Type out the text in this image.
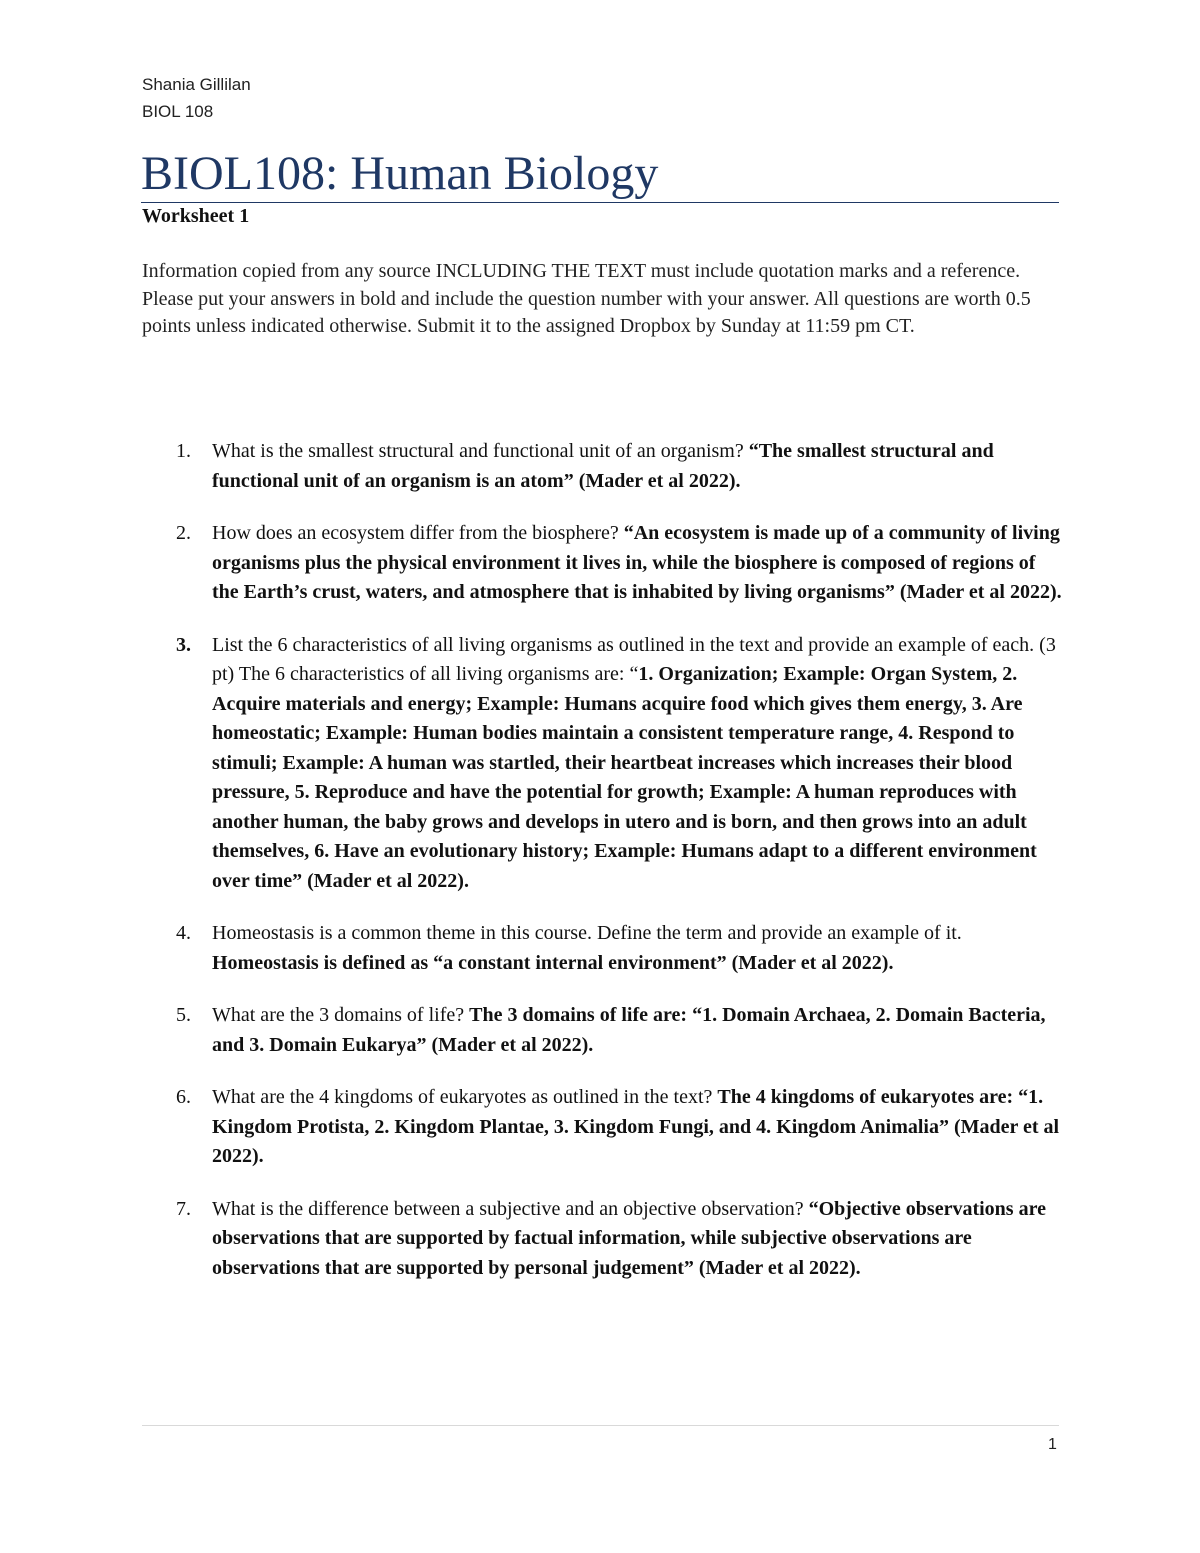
Shania Gillilan
BIOL 108
BIOL108: Human Biology
Worksheet 1

Information copied from any source INCLUDING THE TEXT must include quotation marks and a reference. Please put your answers in bold and include the question number with your answer. All questions are worth 0.5 points unless indicated otherwise. Submit it to the assigned Dropbox by Sunday at 11:59 pm CT.

1. What is the smallest structural and functional unit of an organism? “The smallest structural and functional unit of an organism is an atom” (Mader et al 2022).
2. How does an ecosystem differ from the biosphere? “An ecosystem is made up of a community of living organisms plus the physical environment it lives in, while the biosphere is composed of regions of the Earth’s crust, waters, and atmosphere that is inhabited by living organisms” (Mader et al 2022).
3. List the 6 characteristics of all living organisms as outlined in the text and provide an example of each. (3 pt) The 6 characteristics of all living organisms are: “1. Organization; Example: Organ System, 2. Acquire materials and energy; Example: Humans acquire food which gives them energy, 3. Are homeostatic; Example: Human bodies maintain a consistent temperature range, 4. Respond to stimuli; Example: A human was startled, their heartbeat increases which increases their blood pressure, 5. Reproduce and have the potential for growth; Example: A human reproduces with another human, the baby grows and develops in utero and is born, and then grows into an adult themselves, 6. Have an evolutionary history; Example: Humans adapt to a different environment over time” (Mader et al 2022).
4. Homeostasis is a common theme in this course. Define the term and provide an example of it. Homeostasis is defined as “a constant internal environment” (Mader et al 2022).
5. What are the 3 domains of life? The 3 domains of life are: “1. Domain Archaea, 2. Domain Bacteria, and 3. Domain Eukarya” (Mader et al 2022).
6. What are the 4 kingdoms of eukaryotes as outlined in the text? The 4 kingdoms of eukaryotes are: “1. Kingdom Protista, 2. Kingdom Plantae, 3. Kingdom Fungi, and 4. Kingdom Animalia” (Mader et al 2022).
7. What is the difference between a subjective and an objective observation? “Objective observations are observations that are supported by factual information, while subjective observations are observations that are supported by personal judgement” (Mader et al 2022).
1
